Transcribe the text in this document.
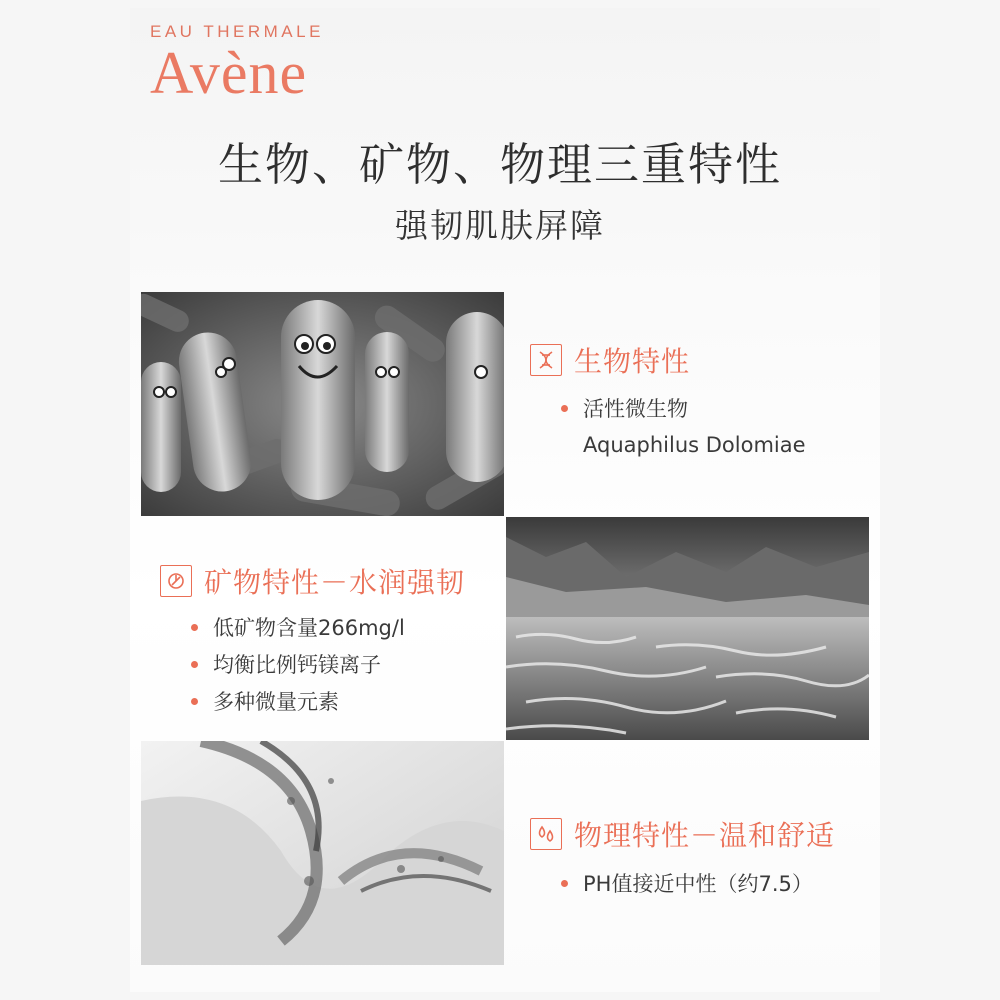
EAU THERMALE
Avène
生物、矿物、物理三重特性
强韧肌肤屏障
生物特性
活性微生物
Aquaphilus Dolomiae
矿物特性－水润强韧
低矿物含量266mg/l
均衡比例钙镁离子
多种微量元素
物理特性－温和舒适
PH值接近中性（约7.5）
